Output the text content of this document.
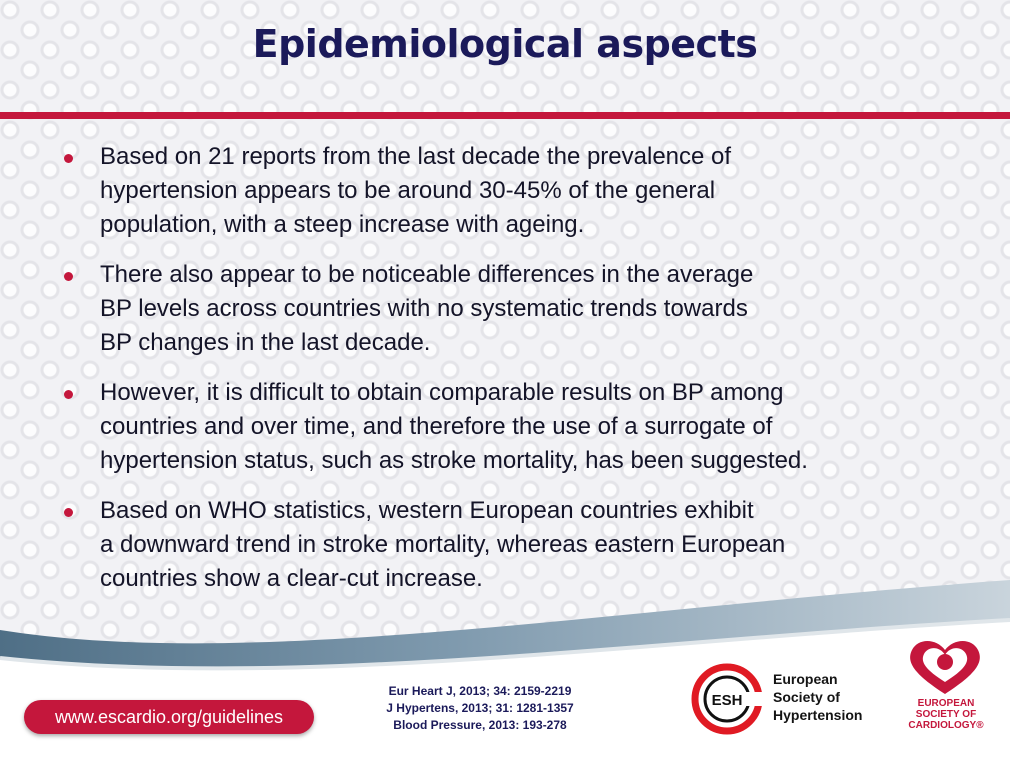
Epidemiological aspects
Based on 21 reports from the last decade the prevalence of
hypertension appears to be around 30-45% of the general
population, with a steep increase with ageing.
There also appear to be noticeable differences in the average
BP levels across countries with no systematic trends towards
BP changes in the last decade.
However, it is difficult to obtain comparable results on BP among
countries and over time, and therefore the use of a surrogate of
hypertension status, such as stroke mortality, has been suggested.
Based on WHO statistics, western European countries exhibit
a downward trend in stroke mortality, whereas eastern European
countries show a clear-cut increase.
www.escardio.org/guidelines
Eur Heart J, 2013; 34: 2159-2219
J Hypertens, 2013; 31: 1281-1357
Blood Pressure, 2013: 193-278
ESH
European
Society of
Hypertension
EUROPEAN
SOCIETY OF
CARDIOLOGY®
